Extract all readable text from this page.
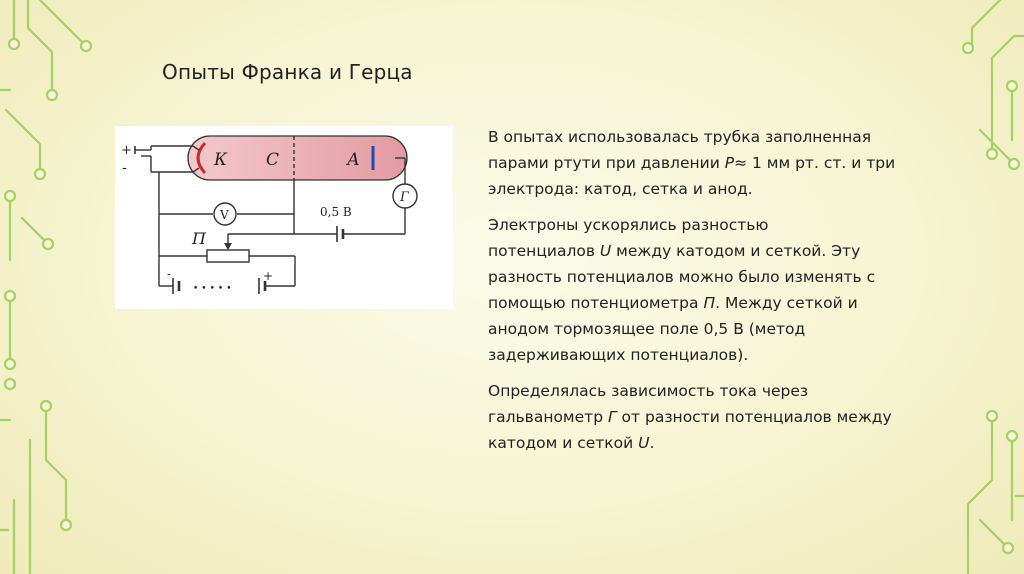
Опыты Франка и Герца
К С	А
V
Г
П
0,5 В
+
-
-	+
•••••
В опытах использовалась трубка заполненная
парами ртути при давлении P≈ 1 мм рт. ст. и три
электрода: катод, сетка и анод.
Электроны ускорялись разностью
потенциалов U между катодом и сеткой. Эту
разность потенциалов можно было изменять с
помощью потенциометра П. Между сеткой и
анодом тормозящее поле 0,5 В (метод
задерживающих потенциалов).
Определялась зависимость тока через
гальванометр Г от разности потенциалов между
катодом и сеткой U.
